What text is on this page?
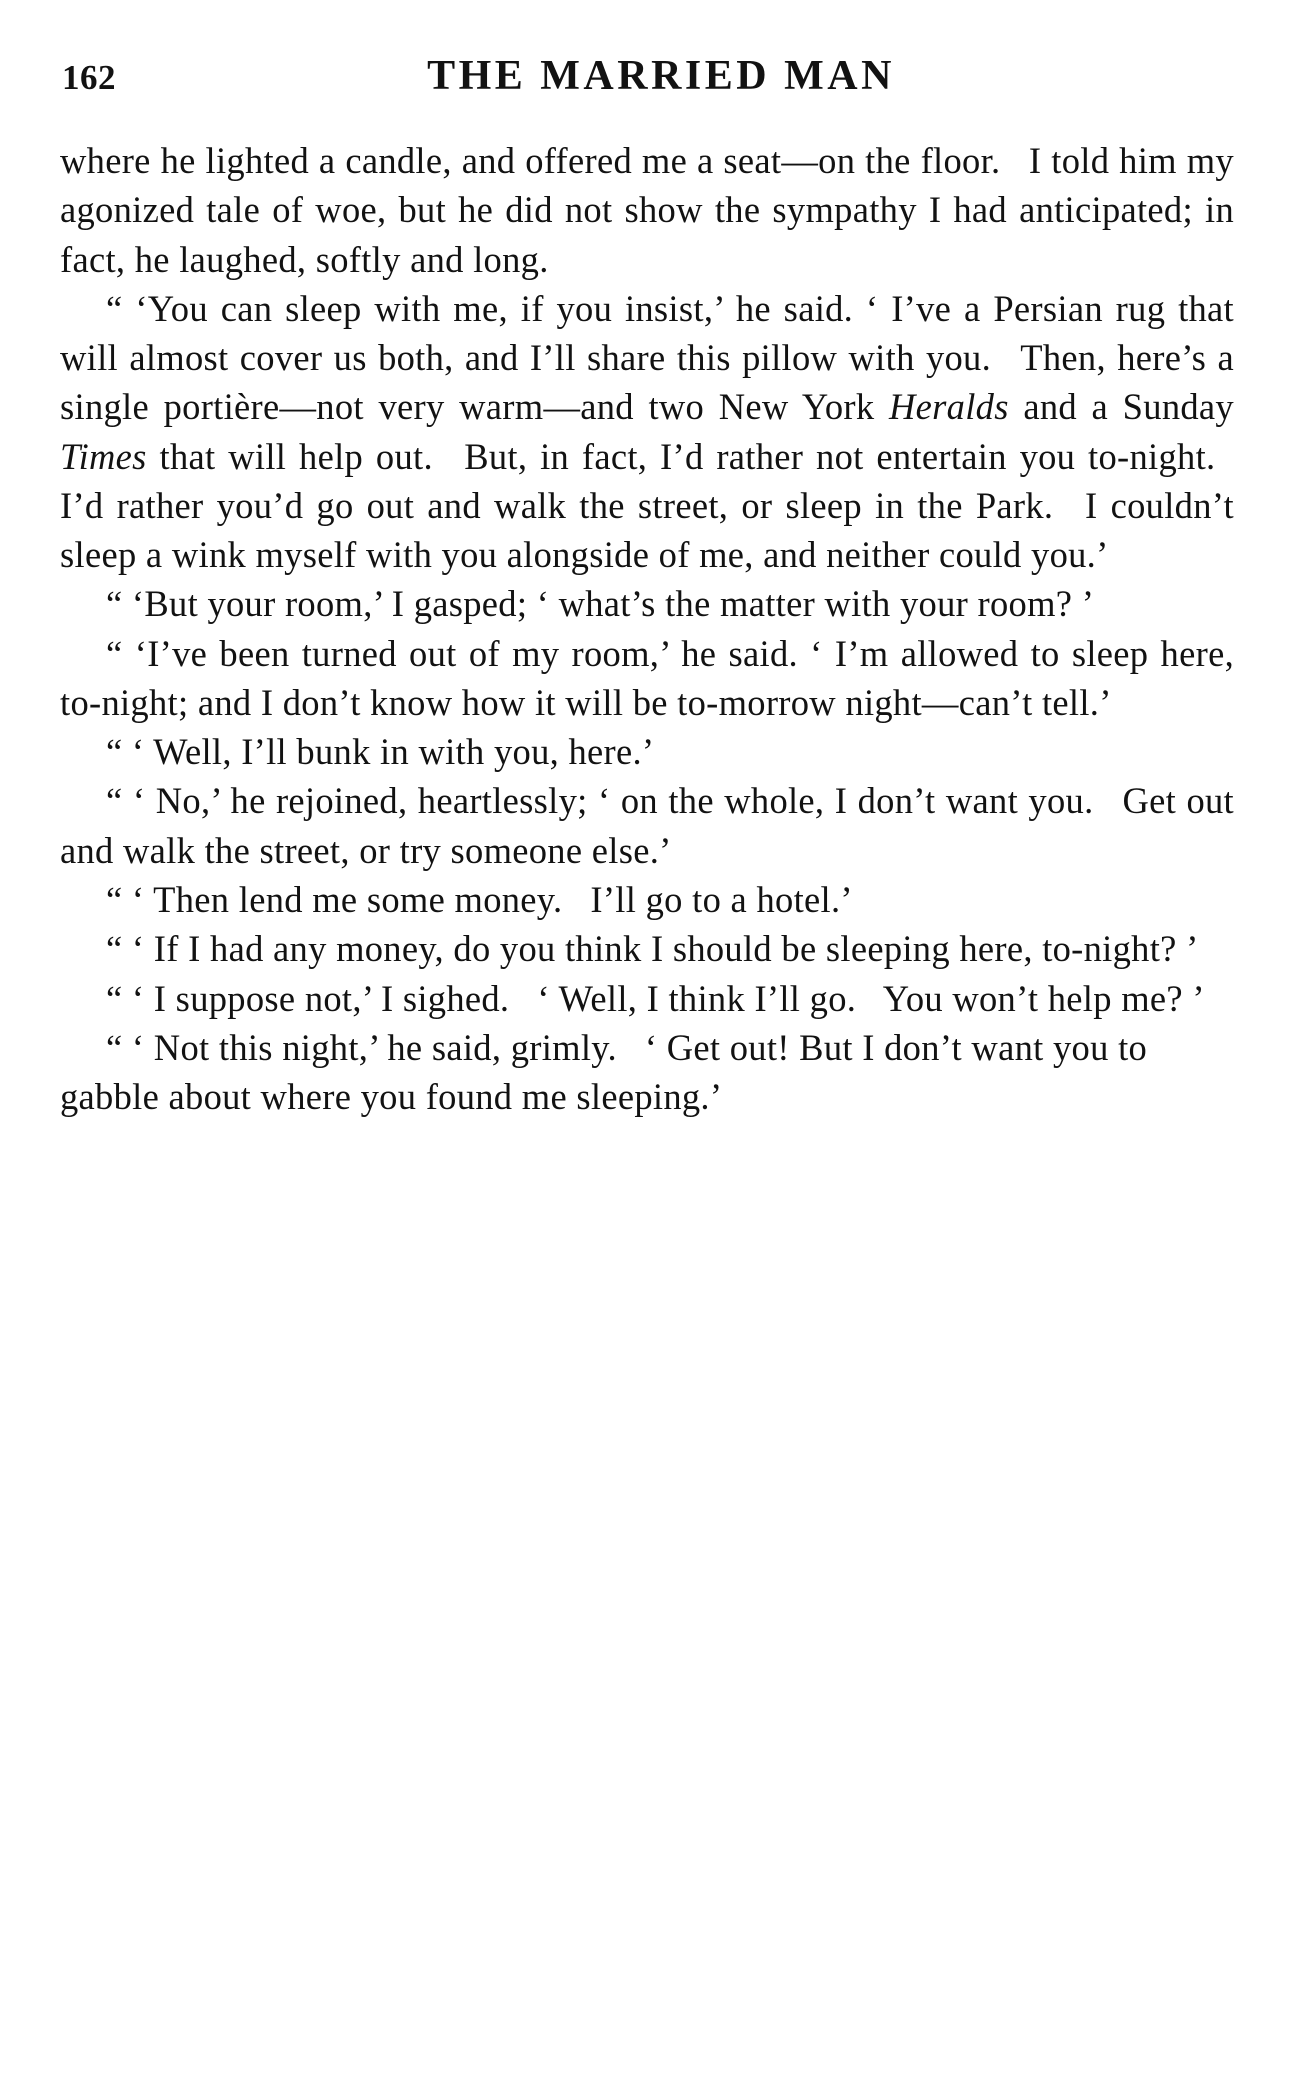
162	THE MARRIED MAN

where he lighted a candle, and offered me a seat—on the floor.  I told him my agonized tale of woe, but he did not show the sympathy I had anticipated; in fact, he laughed, softly and long.

“ ‘You can sleep with me, if you insist,’ he said. ‘ I’ve a Persian rug that will almost cover us both, and I’ll share this pillow with you.  Then, here’s a single portière—not very warm—and two New York Heralds and a Sunday Times that will help out.  But, in fact, I’d rather not entertain you to-night.  I’d rather you’d go out and walk the street, or sleep in the Park.  I couldn’t sleep a wink myself with you alongside of me, and neither could you.’

“ ‘But your room,’ I gasped; ‘ what’s the matter with your room? ’

“ ‘I’ve been turned out of my room,’ he said. ‘ I’m allowed to sleep here, to-night; and I don’t know how it will be to-morrow night—can’t tell.’

“ ‘ Well, I’ll bunk in with you, here.’

“ ‘ No,’ he rejoined, heartlessly; ‘ on the whole, I don’t want you.  Get out and walk the street, or try someone else.’

“ ‘ Then lend me some money.  I’ll go to a hotel.’

“ ‘ If I had any money, do you think I should be sleeping here, to-night? ’

“ ‘ I suppose not,’ I sighed.  ‘ Well, I think I’ll go.  You won’t help me? ’

“ ‘ Not this night,’ he said, grimly.  ‘ Get out! But I don’t want you to gabble about where you found me sleeping.’
